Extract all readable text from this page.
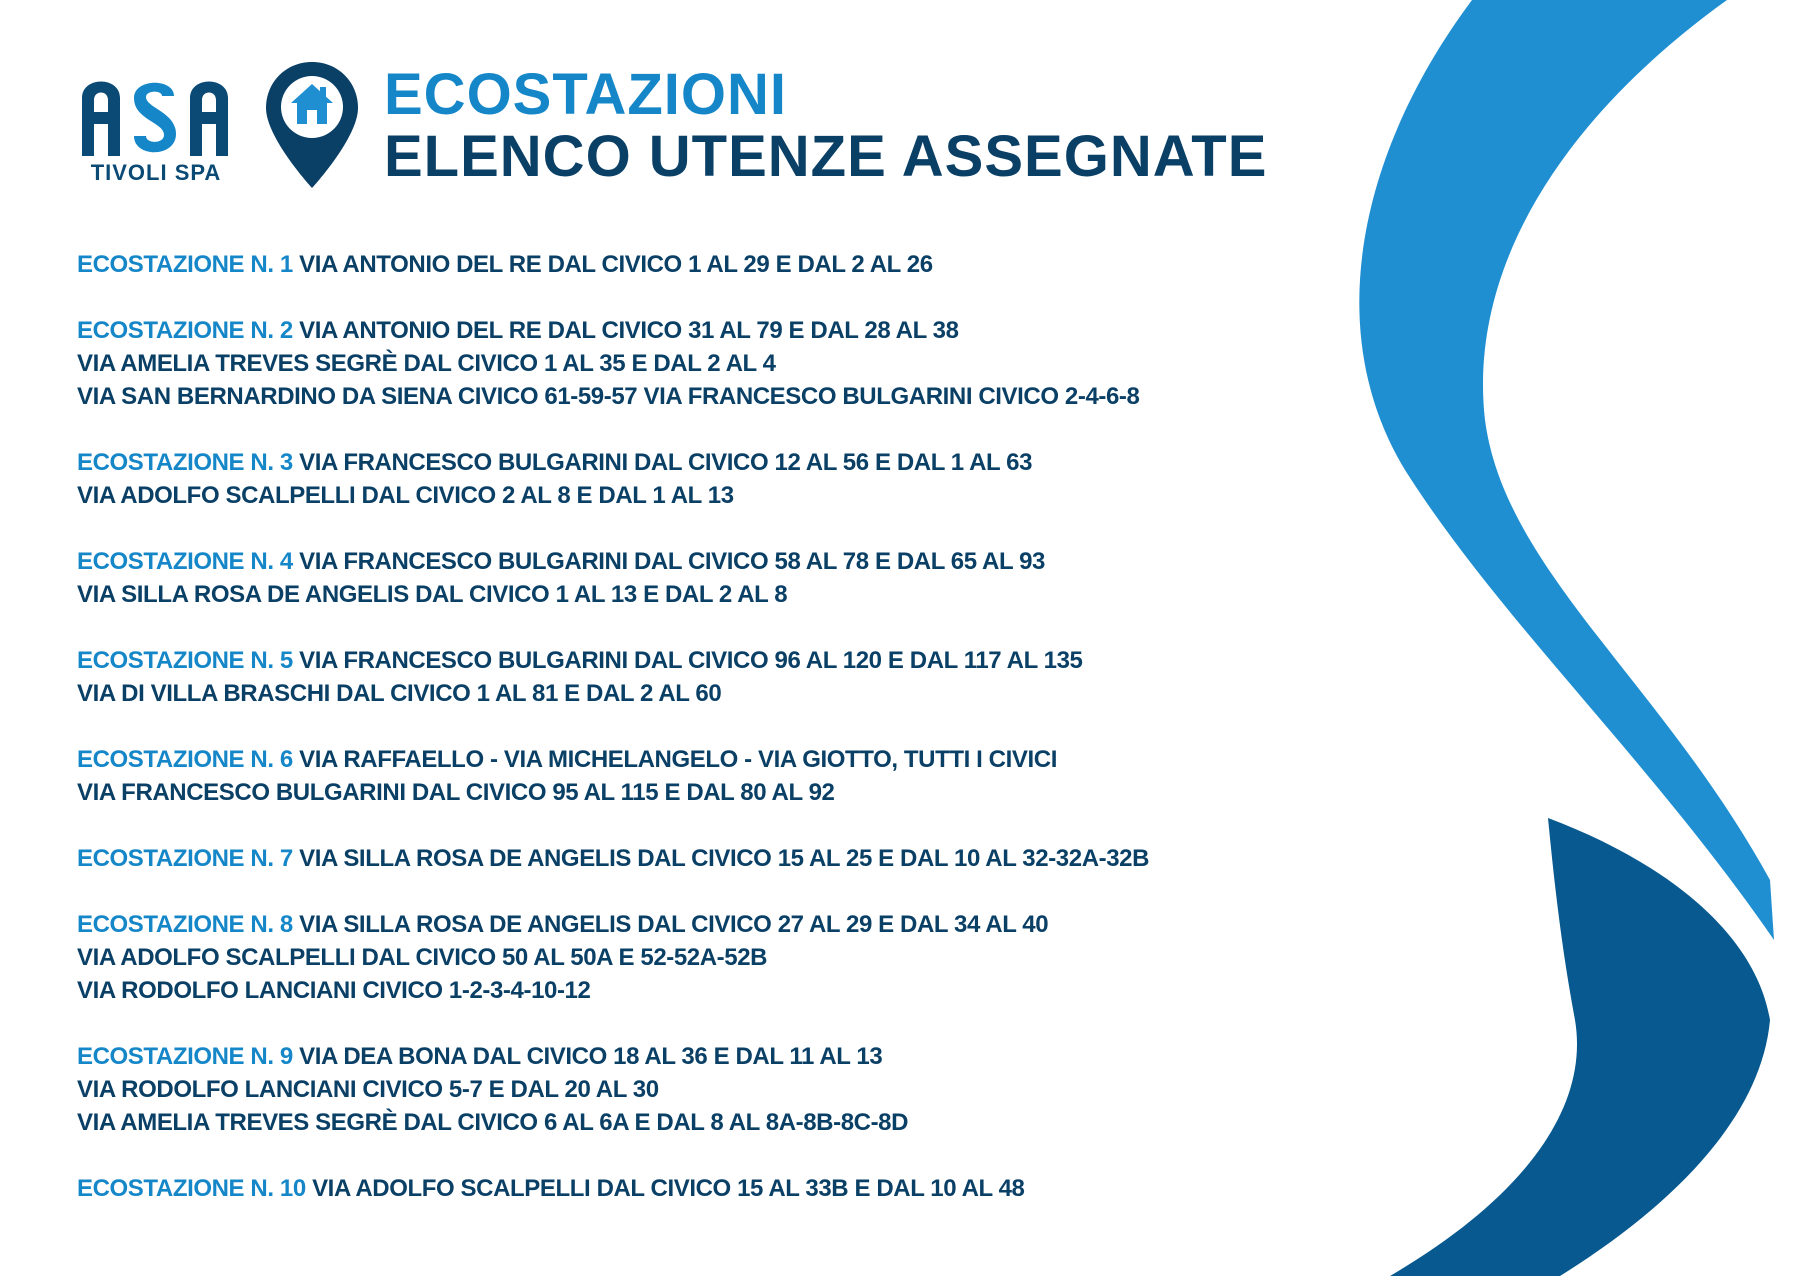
TIVOLI SPA
ECOSTAZIONI
ELENCO UTENZE ASSEGNATE
ECOSTAZIONE N. 1 VIA ANTONIO DEL RE DAL CIVICO 1 AL 29 E DAL 2 AL 26
ECOSTAZIONE N. 2 VIA ANTONIO DEL RE DAL CIVICO 31 AL 79 E DAL 28 AL 38
VIA AMELIA TREVES SEGRÈ DAL CIVICO 1 AL 35 E DAL 2 AL 4
VIA SAN BERNARDINO DA SIENA CIVICO 61-59-57 VIA FRANCESCO BULGARINI CIVICO 2-4-6-8
ECOSTAZIONE N. 3 VIA FRANCESCO BULGARINI DAL CIVICO 12 AL 56 E DAL 1 AL 63
VIA ADOLFO SCALPELLI DAL CIVICO 2 AL 8 E DAL 1 AL 13
ECOSTAZIONE N. 4 VIA FRANCESCO BULGARINI DAL CIVICO 58 AL 78 E DAL 65 AL 93
VIA SILLA ROSA DE ANGELIS DAL CIVICO 1 AL 13 E DAL 2 AL 8
ECOSTAZIONE N. 5 VIA FRANCESCO BULGARINI DAL CIVICO 96 AL 120 E DAL 117 AL 135
VIA DI VILLA BRASCHI DAL CIVICO 1 AL 81 E DAL 2 AL 60
ECOSTAZIONE N. 6 VIA RAFFAELLO - VIA MICHELANGELO - VIA GIOTTO, TUTTI I CIVICI
VIA FRANCESCO BULGARINI DAL CIVICO 95 AL 115 E DAL 80 AL 92
ECOSTAZIONE N. 7 VIA SILLA ROSA DE ANGELIS DAL CIVICO 15 AL 25 E DAL 10 AL 32-32A-32B
ECOSTAZIONE N. 8 VIA SILLA ROSA DE ANGELIS DAL CIVICO 27 AL 29 E DAL 34 AL 40
VIA ADOLFO SCALPELLI DAL CIVICO 50 AL 50A E 52-52A-52B
VIA RODOLFO LANCIANI CIVICO 1-2-3-4-10-12
ECOSTAZIONE N. 9 VIA DEA BONA DAL CIVICO 18 AL 36 E DAL 11 AL 13
VIA RODOLFO LANCIANI CIVICO 5-7 E DAL 20 AL 30
VIA AMELIA TREVES SEGRÈ DAL CIVICO 6 AL 6A E DAL 8 AL 8A-8B-8C-8D
ECOSTAZIONE N. 10 VIA ADOLFO SCALPELLI DAL CIVICO 15 AL 33B E DAL 10 AL 48
